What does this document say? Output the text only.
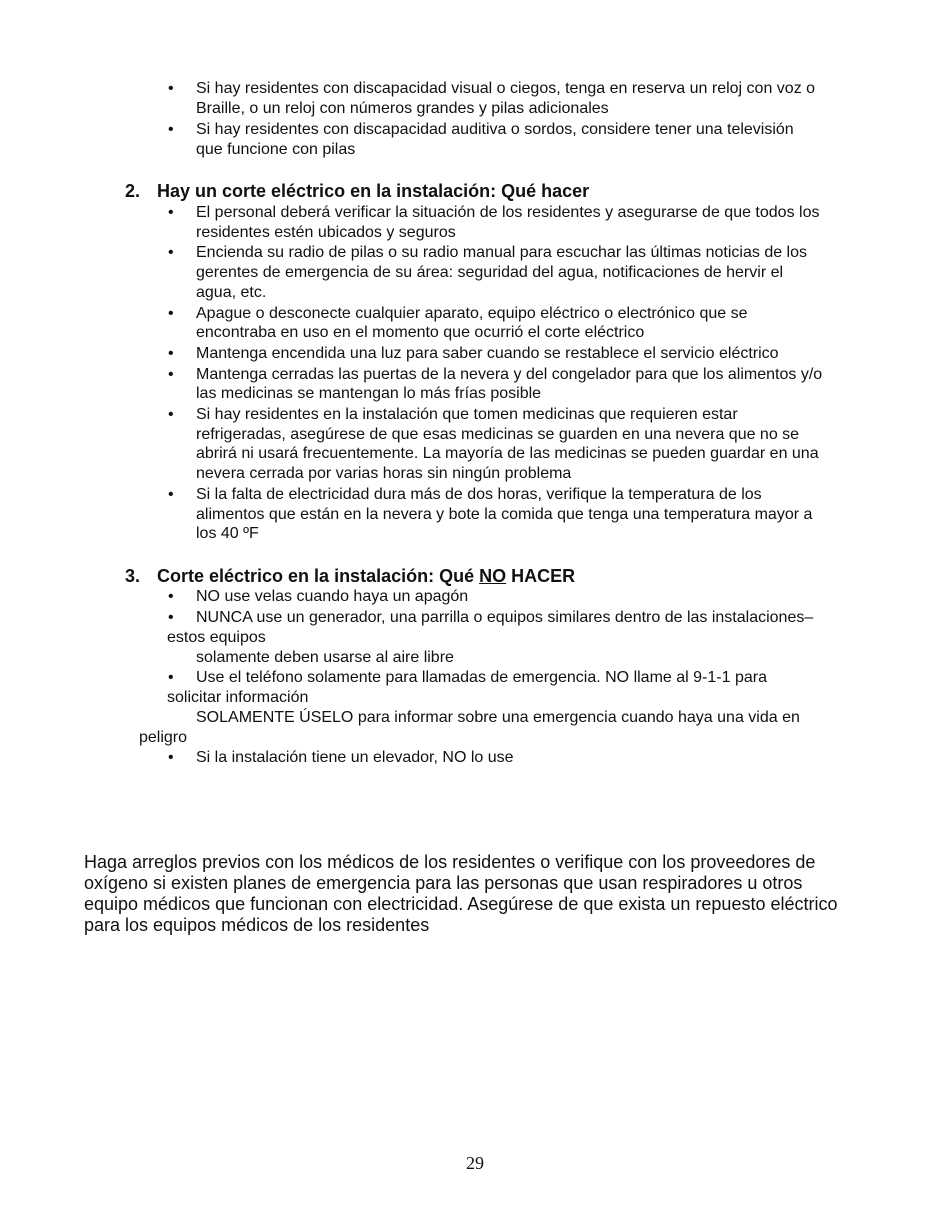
• Si hay residentes con discapacidad visual o ciegos, tenga en reserva un reloj con voz o
Braille, o un reloj con números grandes y pilas adicionales
• Si hay residentes con discapacidad auditiva o sordos, considere tener una televisión
que funcione con pilas
2. Hay un corte eléctrico en la instalación: Qué hacer
• El personal deberá verificar la situación de los residentes y asegurarse de que todos los
residentes estén ubicados y seguros
• Encienda su radio de pilas o su radio manual para escuchar las últimas noticias de los
gerentes de emergencia de su área: seguridad del agua, notificaciones de hervir el
agua, etc.
• Apague o desconecte cualquier aparato, equipo eléctrico o electrónico que se
encontraba en uso en el momento que ocurrió el corte eléctrico
• Mantenga encendida una luz para saber cuando se restablece el servicio eléctrico
• Mantenga cerradas las puertas de la nevera y del congelador para que los alimentos y/o
las medicinas se mantengan lo más frías posible
• Si hay residentes en la instalación que tomen medicinas que requieren estar
refrigeradas, asegúrese de que esas medicinas se guarden en una nevera que no se
abrirá ni usará frecuentemente. La mayoría de las medicinas se pueden guardar en una
nevera cerrada por varias horas sin ningún problema
• Si la falta de electricidad dura más de dos horas, verifique la temperatura de los
alimentos que están en la nevera y bote la comida que tenga una temperatura mayor a
los 40 ºF
3. Corte eléctrico en la instalación: Qué NO HACER
• NO use velas cuando haya un apagón
• NUNCA use un generador, una parrilla o equipos similares dentro de las instalaciones–
estos equipos
solamente deben usarse al aire libre
• Use el teléfono solamente para llamadas de emergencia. NO llame al 9-1-1 para
solicitar información
SOLAMENTE ÚSELO para informar sobre una emergencia cuando haya una vida en
peligro
• Si la instalación tiene un elevador, NO lo use
Haga arreglos previos con los médicos de los residentes o verifique con los proveedores de
oxígeno si existen planes de emergencia para las personas que usan respiradores u otros
equipo médicos que funcionan con electricidad. Asegúrese de que exista un repuesto eléctrico
para los equipos médicos de los residentes
29
